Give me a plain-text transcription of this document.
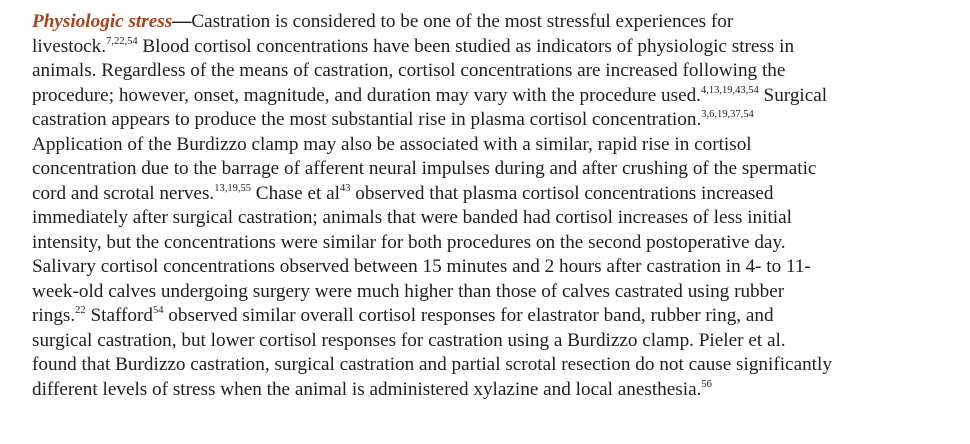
Physiologic stress—Castration is considered to be one of the most stressful experiences for
livestock.$^{7,22,54}$ Blood cortisol concentrations have been studied as indicators of physiologic stress in
animals. Regardless of the means of castration, cortisol concentrations are increased following the
procedure; however, onset, magnitude, and duration may vary with the procedure used.$^{4,13,19,43,54}$ Surgical
castration appears to produce the most substantial rise in plasma cortisol concentration.$^{3,6,19,37,54}$
Application of the Burdizzo clamp may also be associated with a similar, rapid rise in cortisol
concentration due to the barrage of afferent neural impulses during and after crushing of the spermatic
cord and scrotal nerves.$^{13,19,55}$ Chase et $al^{43}$ observed that plasma cortisol concentrations increased
immediately after surgical castration; animals that were banded had cortisol increases of less initial
intensity, but the concentrations were similar for both procedures on the second postoperative day.
Salivary cortisol concentrations observed between 15 minutes and 2 hours after castration in 4- to 11-
week-old calves undergoing surgery were much higher than those of calves castrated using rubber
rings.$^{22}$ Stafford$^{54}$ observed similar overall cortisol responses for elastrator band, rubber ring, and
surgical castration, but lower cortisol responses for castration using a Burdizzo clamp. Pieler et al.
found that Burdizzo castration, surgical castration and partial scrotal resection do not cause significantly
different levels of stress when the animal is administered xylazine and local anesthesia.$^{56}$
